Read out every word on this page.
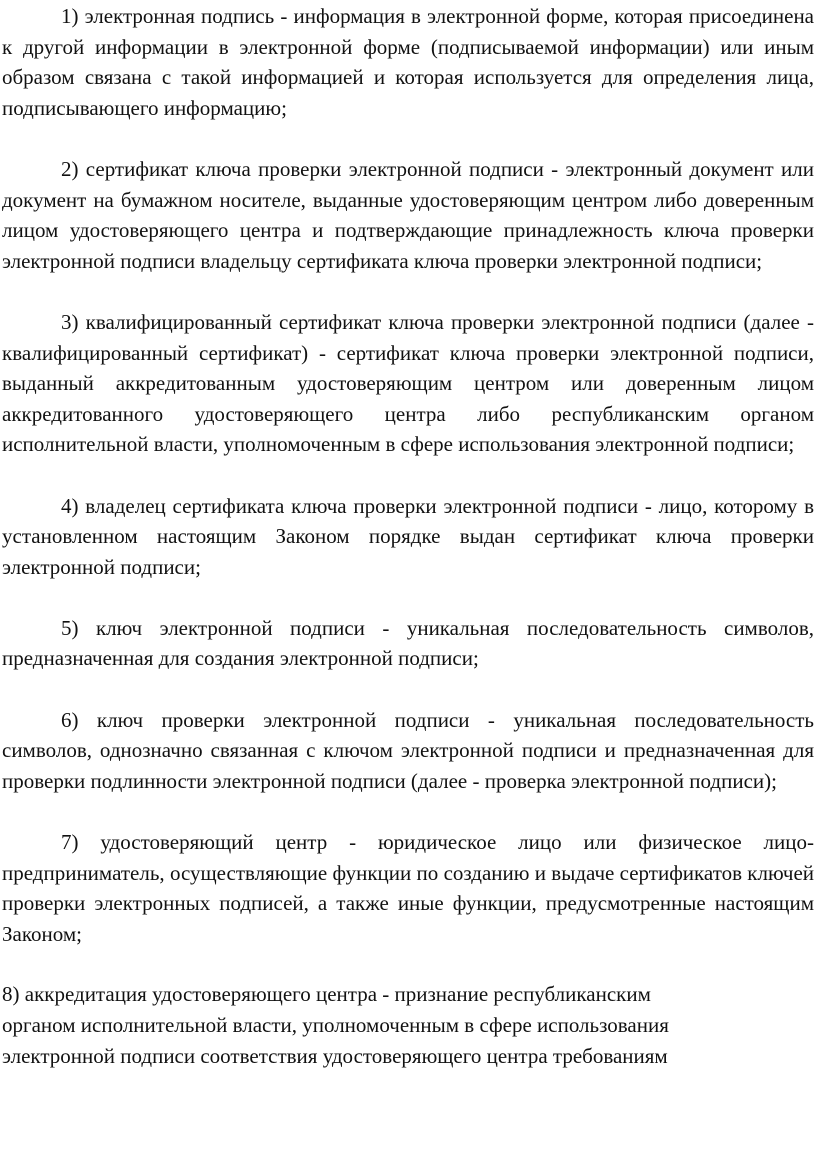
1) электронная подпись - информация в электронной форме, которая присоединена к другой информации в электронной форме (подписываемой информации) или иным образом связана с такой информацией и которая используется для определения лица, подписывающего информацию;

2) сертификат ключа проверки электронной подписи - электронный документ или документ на бумажном носителе, выданные удостоверяющим центром либо доверенным лицом удостоверяющего центра и подтверждающие принадлежность ключа проверки электронной подписи владельцу сертификата ключа проверки электронной подписи;

3) квалифицированный сертификат ключа проверки электронной подписи (далее - квалифицированный сертификат) - сертификат ключа проверки электронной подписи, выданный аккредитованным удостоверяющим центром или доверенным лицом аккредитованного удостоверяющего центра либо республиканским органом исполнительной власти, уполномоченным в сфере использования электронной подписи;

4) владелец сертификата ключа проверки электронной подписи - лицо, которому в установленном настоящим Законом порядке выдан сертификат ключа проверки электронной подписи;

5) ключ электронной подписи - уникальная последовательность символов, предназначенная для создания электронной подписи;

6) ключ проверки электронной подписи - уникальная последовательность символов, однозначно связанная с ключом электронной подписи и предназначенная для проверки подлинности электронной подписи (далее - проверка электронной подписи);

7) удостоверяющий центр - юридическое лицо или физическое лицо-предприниматель, осуществляющие функции по созданию и выдаче сертификатов ключей проверки электронных подписей, а также иные функции, предусмотренные настоящим Законом;

8) аккредитация удостоверяющего центра - признание республиканским
органом исполнительной власти, уполномоченным в сфере использования
электронной подписи соответствия удостоверяющего центра требованиям
